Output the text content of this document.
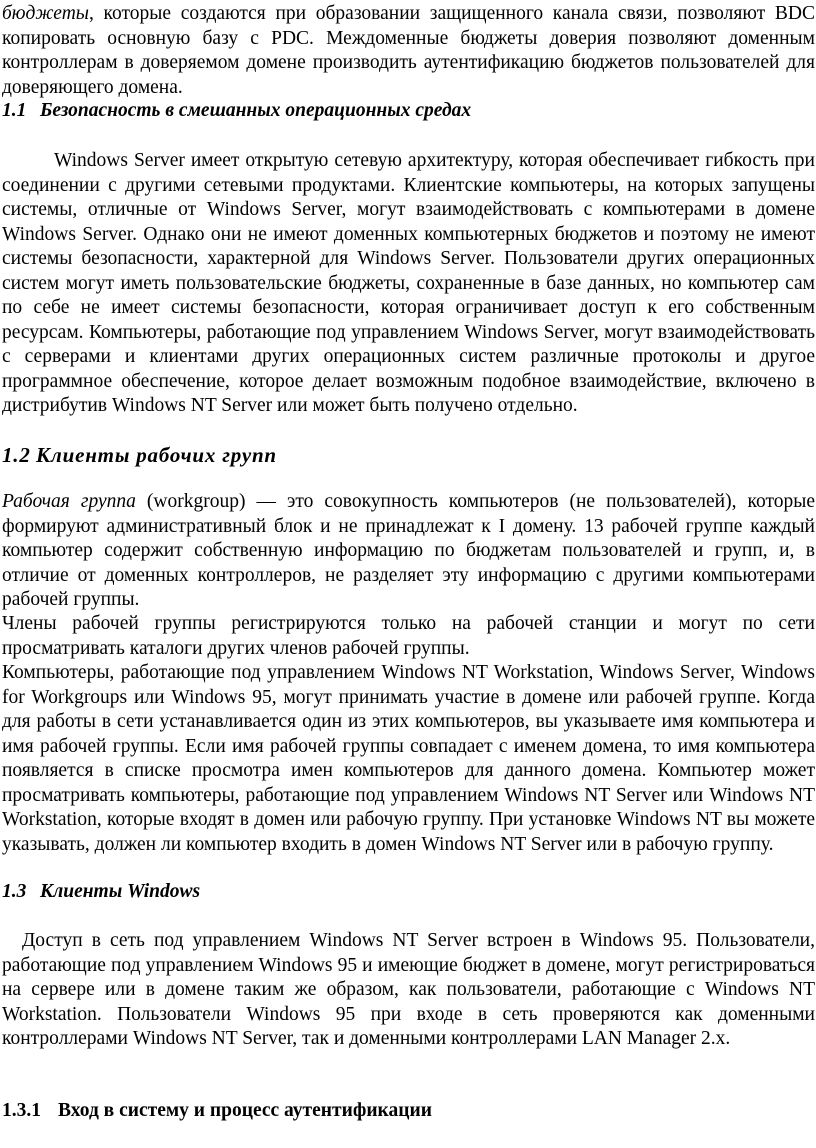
бюджеты, которые создаются при образовании защищенного канала связи, позволяют BDC копировать основную базу с PDC. Междоменные бюджеты доверия позволяют доменным контроллерам в доверяемом домене производить аутентификацию бюджетов пользователей для доверяющего домена.

1.1 Безопасность в смешанных операционных средах

Windows Server имеет открытую сетевую архитектуру, которая обеспечивает гибкость при соединении с другими сетевыми продуктами. Клиентские компьютеры, на которых запущены системы, отличные от Windows Server, могут взаимодействовать с компьютерами в домене Windows Server. Однако они не имеют доменных компьютерных бюджетов и поэтому не имеют системы безопасности, характерной для Windows Server. Пользователи других операционных систем могут иметь пользовательские бюджеты, сохраненные в базе данных, но компьютер сам по себе не имеет системы безопасности, которая ограничивает доступ к его собственным ресурсам. Компьютеры, работающие под управлением Windows Server, могут взаимодействовать с серверами и клиентами других операционных систем различные протоколы и другое программное обеспечение, которое делает возможным подобное взаимодействие, включено в дистрибутив Windows NT Server или может быть получено отдельно.

1.2 Клиенты рабочих групп

Рабочая группа (workgroup) — это совокупность компьютеров (не пользователей), которые формируют административный блок и не принадлежат к I домену. 13 рабочей группе каждый компьютер содержит собственную информацию по бюджетам пользователей и групп, и, в отличие от доменных контроллеров, не разделяет эту информацию с другими компьютерами рабочей группы.

Члены рабочей группы регистрируются только на рабочей станции и могут по сети просматривать каталоги других членов рабочей группы.

Компьютеры, работающие под управлением Windows NT Workstation, Windows Server, Windows for Workgroups или Windows 95, могут принимать участие в домене или рабочей группе. Когда для работы в сети устанавливается один из этих компьютеров, вы указываете имя компьютера и имя рабочей группы. Если имя рабочей группы совпадает с именем домена, то имя компьютера появляется в списке просмотра имен компьютеров для данного домена. Компьютер может просматривать компьютеры, работающие под управлением Windows NT Server или Windows NT Workstation, которые входят в домен или рабочую группу. При установке Windows NT вы можете указывать, должен ли компьютер входить в домен Windows NT Server или в рабочую группу.

1.3 Клиенты Windows

Доступ в сеть под управлением Windows NT Server встроен в Windows 95. Пользователи, работающие под управлением Windows 95 и имеющие бюджет в домене, могут регистрироваться на сервере или в домене таким же образом, как пользователи, работающие с Windows NT Workstation. Пользователи Windows 95 при входе в сеть проверяются как доменными контроллерами Windows NT Server, так и доменными контроллерами LAN Manager 2.x.

1.3.1 Вход в систему и процесс аутентификации
